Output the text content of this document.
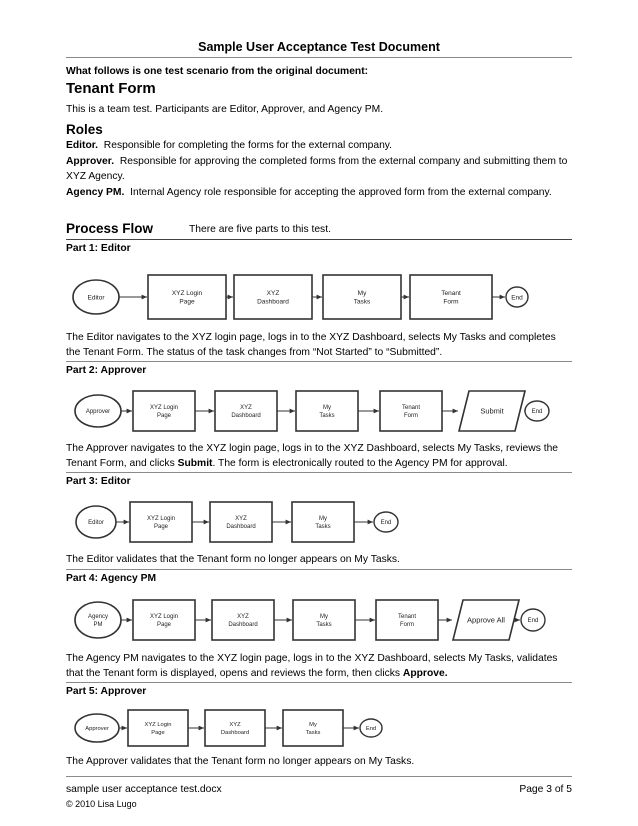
Sample User Acceptance Test Document
What follows is one test scenario from the original document:
Tenant Form
This is a team test. Participants are Editor, Approver, and Agency PM.
Roles
Editor. Responsible for completing the forms for the external company.
Approver. Responsible for approving the completed forms from the external company and submitting them to XYZ Agency.
Agency PM. Internal Agency role responsible for accepting the approved form from the external company.
Process Flow	There are five parts to this test.
Part 1: Editor
Editor
XYZ Login
Page
XYZ
Dashboard
My
Tasks
Tenant
Form
End
The Editor navigates to the XYZ login page, logs in to the XYZ Dashboard, selects My Tasks and completes the Tenant Form. The status of the task changes from “Not Started” to “Submitted”.
Part 2: Approver
Approver
XYZ Login
Page
XYZ
Dashboard
My
Tasks
Tenant
Form
Submit	End
The Approver navigates to the XYZ login page, logs in to the XYZ Dashboard, selects My Tasks, reviews the Tenant Form, and clicks Submit. The form is electronically routed to the Agency PM for approval.
Part 3: Editor
Editor
XYZ Login
Page
XYZ
Dashboard
My
Tasks
End
The Editor validates that the Tenant form no longer appears on My Tasks.
Part 4: Agency PM
Agency
PM
XYZ Login
Page
XYZ
Dashboard
My
Tasks
Tenant
Form
Approve All	End
The Agency PM navigates to the XYZ login page, logs in to the XYZ Dashboard, selects My Tasks, validates that the Tenant form is displayed, opens and reviews the form, then clicks Approve.
Part 5: Approver
Approver
XYZ Login
Page
XYZ
Dashboard
My
Tasks
End
The Approver validates that the Tenant form no longer appears on My Tasks.
sample user acceptance test.docx	Page 3 of 5
© 2010 Lisa Lugo
